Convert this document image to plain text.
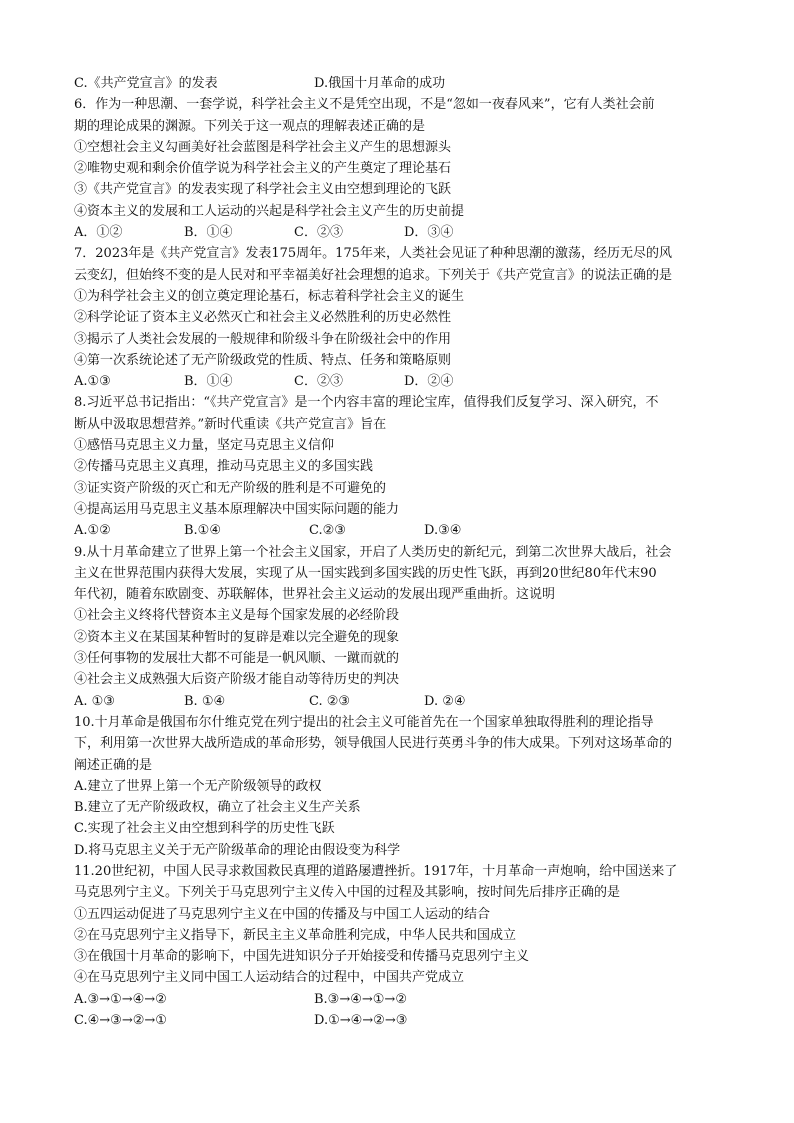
C.《共产党宣言》的发表	D.俄国十月革命的成功
6．作为一种思潮、一套学说，科学社会主义不是凭空出现，不是“忽如一夜春风来”，它有人类社会前
期的理论成果的渊源。下列关于这一观点的理解表述正确的是
①空想社会主义勾画美好社会蓝图是科学社会主义产生的思想源头
②唯物史观和剩余价值学说为科学社会主义的产生奠定了理论基石
③《共产党宣言》的发表实现了科学社会主义由空想到理论的飞跃
④资本主义的发展和工人运动的兴起是科学社会主义产生的历史前提
A．①②	B．①④	C．②③	D．③④
7．2023年是《共产党宣言》发表175周年。175年来，人类社会见证了种种思潮的激荡，经历无尽的风
云变幻，但始终不变的是人民对和平幸福美好社会理想的追求。下列关于《共产党宣言》的说法正确的是
①为科学社会主义的创立奠定理论基石，标志着科学社会主义的诞生
②科学论证了资本主义必然灭亡和社会主义必然胜利的历史必然性
③揭示了人类社会发展的一般规律和阶级斗争在阶级社会中的作用
④第一次系统论述了无产阶级政党的性质、特点、任务和策略原则
A.①③	B．①④	C．②③	D．②④
8.习近平总书记指出：“《共产党宣言》是一个内容丰富的理论宝库，值得我们反复学习、深入研究，不
断从中汲取思想营养。”新时代重读《共产党宣言》旨在
①感悟马克思主义力量，坚定马克思主义信仰
②传播马克思主义真理，推动马克思主义的多国实践
③证实资产阶级的灭亡和无产阶级的胜利是不可避免的
④提高运用马克思主义基本原理解决中国实际问题的能力
A.①②	B.①④	C.②③	D.③④
9.从十月革命建立了世界上第一个社会主义国家，开启了人类历史的新纪元，到第二次世界大战后，社会
主义在世界范围内获得大发展，实现了从一国实践到多国实践的历史性飞跃，再到20世纪80年代末90
年代初，随着东欧剧变、苏联解体，世界社会主义运动的发展出现严重曲折。这说明
①社会主义终将代替资本主义是每个国家发展的必经阶段
②资本主义在某国某种暂时的复辟是难以完全避免的现象
③任何事物的发展壮大都不可能是一帆风顺、一蹴而就的
④社会主义成熟强大后资产阶级才能自动等待历史的判决
A. ①③	B. ①④	C. ②③	D. ②④
10.十月革命是俄国布尔什维克党在列宁提出的社会主义可能首先在一个国家单独取得胜利的理论指导
下，利用第一次世界大战所造成的革命形势，领导俄国人民进行英勇斗争的伟大成果。下列对这场革命的
阐述正确的是
A.建立了世界上第一个无产阶级领导的政权
B.建立了无产阶级政权，确立了社会主义生产关系
C.实现了社会主义由空想到科学的历史性飞跃
D.将马克思主义关于无产阶级革命的理论由假设变为科学
11.20世纪初，中国人民寻求救国救民真理的道路屡遭挫折。1917年，十月革命一声炮响，给中国送来了
马克思列宁主义。下列关于马克思列宁主义传入中国的过程及其影响，按时间先后排序正确的是
①五四运动促进了马克思列宁主义在中国的传播及与中国工人运动的结合
②在马克思列宁主义指导下，新民主主义革命胜利完成，中华人民共和国成立
③在俄国十月革命的影响下，中国先进知识分子开始接受和传播马克思列宁主义
④在马克思列宁主义同中国工人运动结合的过程中，中国共产党成立
A.③→①→④→②	B.③→④→①→②
C.④→③→②→①	D.①→④→②→③
